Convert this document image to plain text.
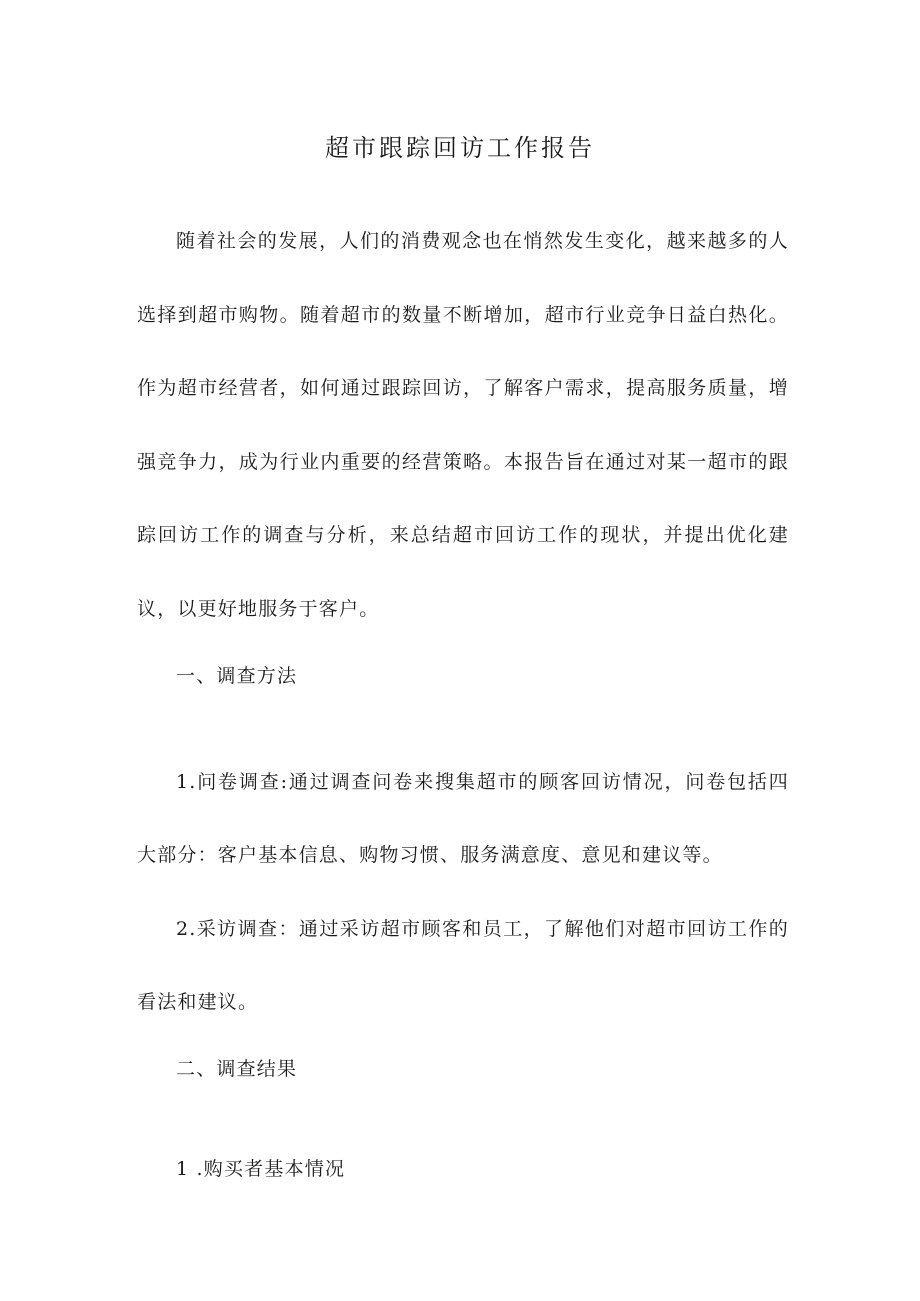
超市跟踪回访工作报告

随着社会的发展，人们的消费观念也在悄然发生变化，越来越多的人选择到超市购物。随着超市的数量不断增加，超市行业竞争日益白热化。作为超市经营者，如何通过跟踪回访，了解客户需求，提高服务质量，增强竞争力，成为行业内重要的经营策略。本报告旨在通过对某一超市的跟踪回访工作的调查与分析，来总结超市回访工作的现状，并提出优化建议，以更好地服务于客户。

一、调查方法

1.问卷调查:通过调查问卷来搜集超市的顾客回访情况，问卷包括四大部分：客户基本信息、购物习惯、服务满意度、意见和建议等。

2.采访调查：通过采访超市顾客和员工，了解他们对超市回访工作的看法和建议。

二、调查结果

1 .购买者基本情况
